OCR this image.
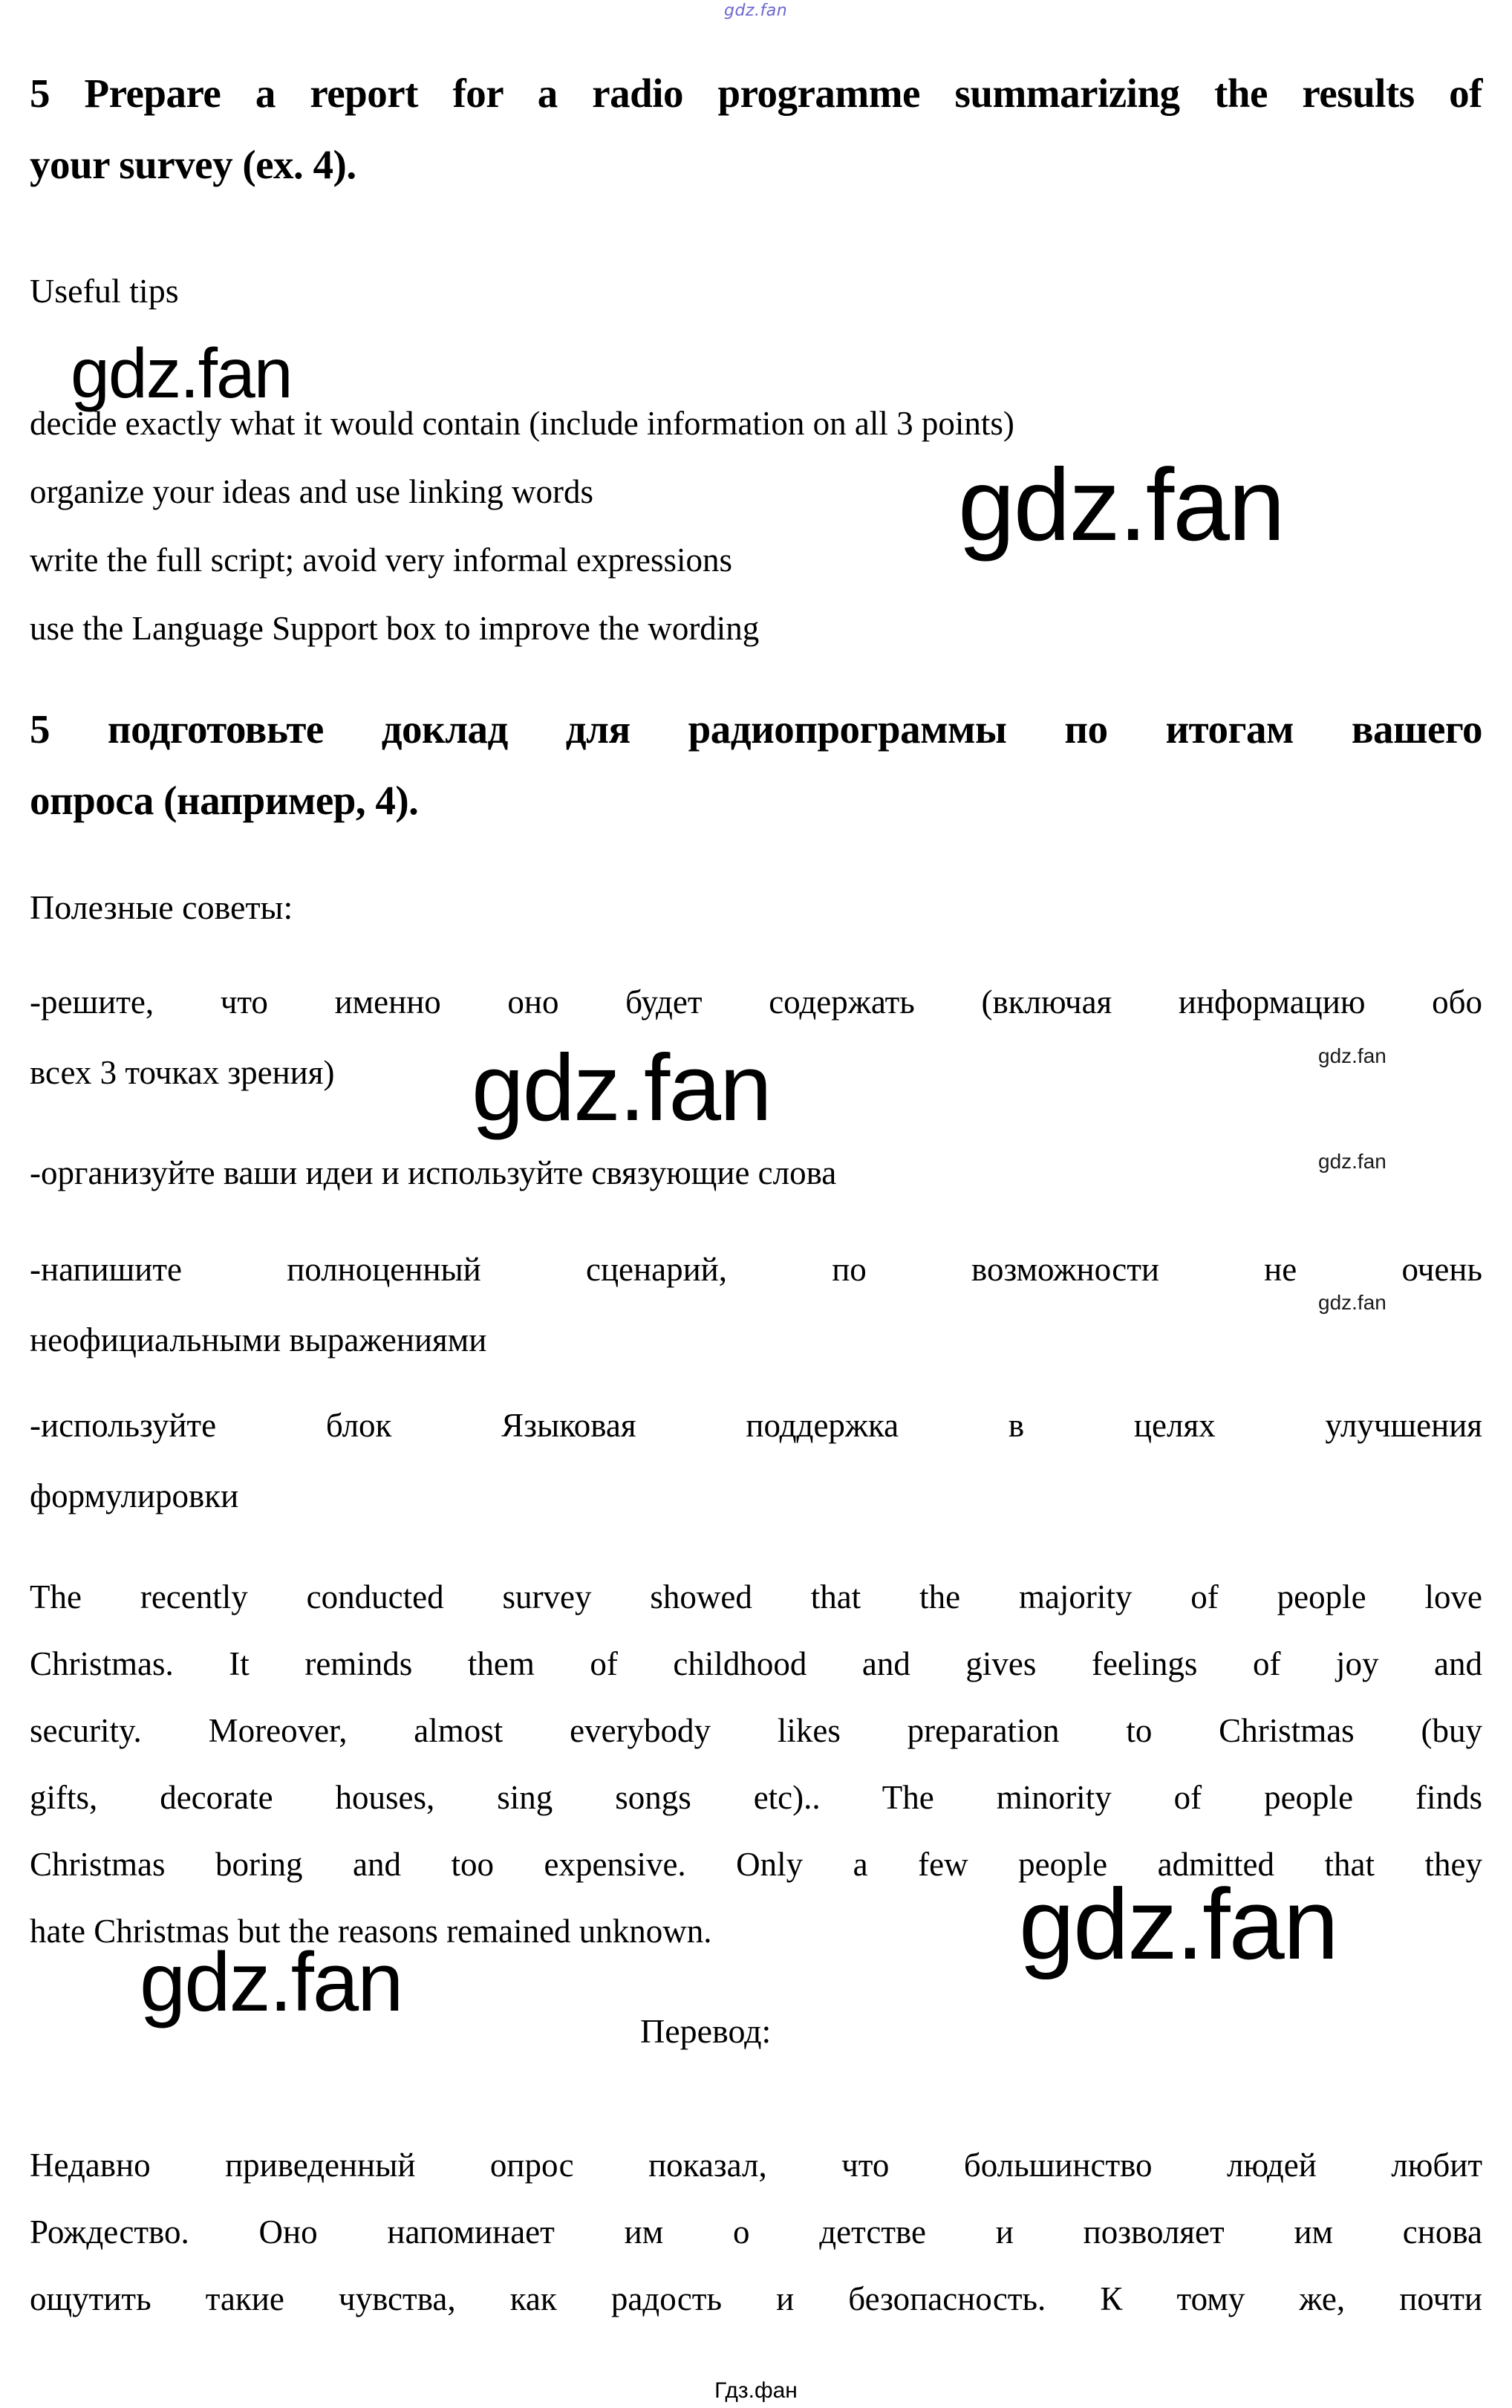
gdz.fan
5 Prepare a report for a radio programme summarizing the results of
your survey (ex. 4).
Useful tips
gdz.fan
decide exactly what it would contain (include information on all 3 points)
organize your ideas and use linking words
write the full script; avoid very informal expressions
use the Language Support box to improve the wording
gdz.fan
5 подготовьте доклад для радиопрограммы по итогам вашего
опроса (например, 4).
Полезные советы:
-решите, что именно оно будет содержать (включая информацию обо
всех 3 точках зрения)	gdz.fan
gdz.fan
-организуйте ваши идеи и используйте связующие слова	gdz.fan
-напишите полноценный сценарий, по возможности не очень
неофициальными выражениями
gdz.fan
-используйте блок Языковая поддержка в целях улучшения
формулировки
The recently conducted survey showed that the majority of people love
Christmas. It reminds them of childhood and gives feelings of joy and
security. Moreover, almost everybody likes preparation to Christmas (buy
gifts, decorate houses, sing songs etc).. The minority of people finds
Christmas boring and too expensive. Only a few people admitted that they
hate Christmas but the reasons remained unknown.	gdz.fan
gdz.fan
Перевод:
Недавно приведенный опрос показал, что большинство людей любит
Рождество. Оно напоминает им о детстве и позволяет им снова
ощутить такие чувства, как радость и безопасность. К тому же, почти
Гдз.фан
